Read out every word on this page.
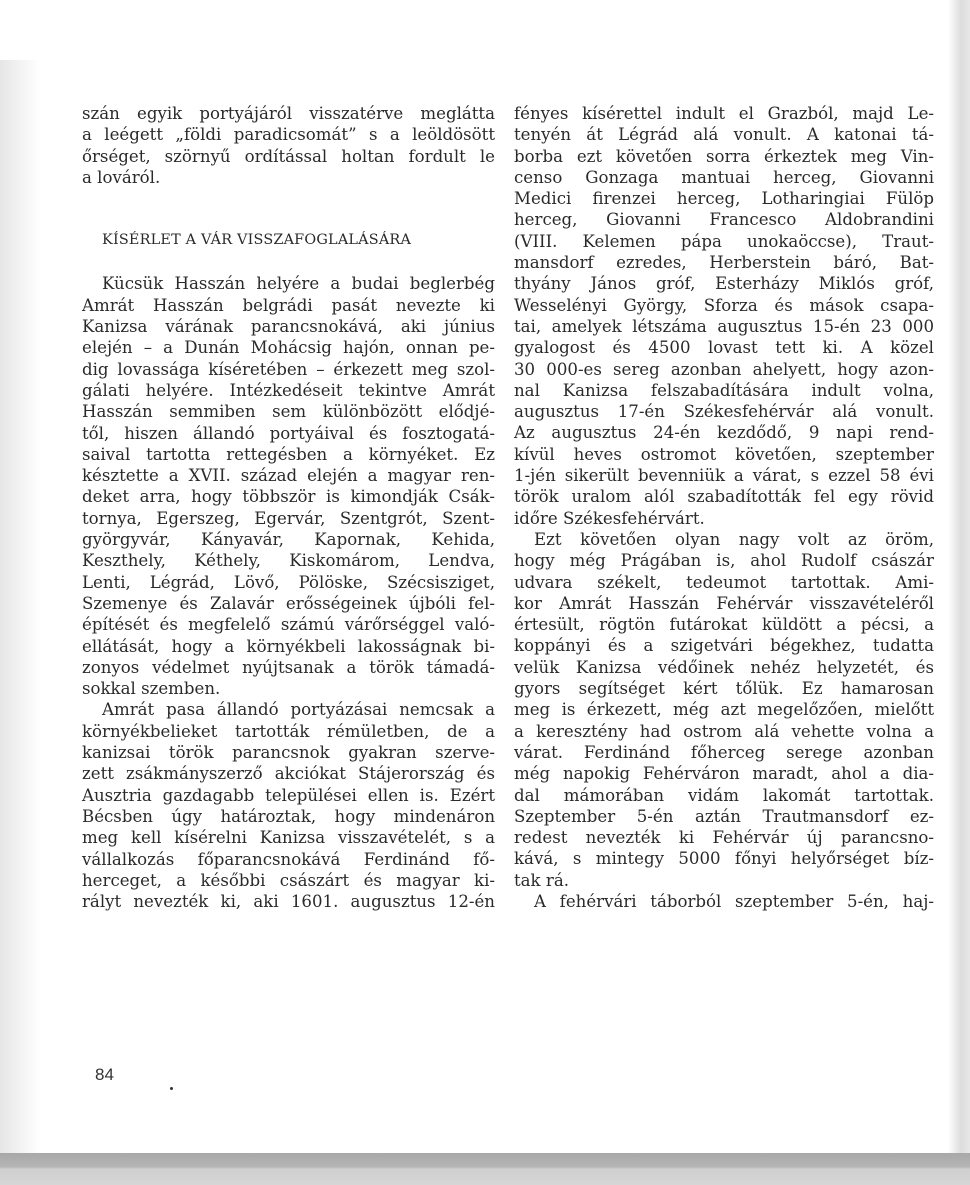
szán egyik portyájáról visszatérve meglátta
a leégett „földi paradicsomát” s a leöldösött
őrséget, szörnyű ordítással holtan fordult le
a lováról.
KÍSÉRLET A VÁR VISSZAFOGLALÁSÁRA
Kücsük Hasszán helyére a budai beglerbég
Amrát Hasszán belgrádi pasát nevezte ki
Kanizsa várának parancsnokává, aki június
elején – a Dunán Mohácsig hajón, onnan pe-
dig lovassága kíséretében – érkezett meg szol-
gálati helyére. Intézkedéseit tekintve Amrát
Hasszán semmiben sem különbözött elődjé-
től, hiszen állandó portyáival és fosztogatá-
saival tartotta rettegésben a környéket. Ez
késztette a XVII. század elején a magyar ren-
deket arra, hogy többször is kimondják Csák-
tornya, Egerszeg, Egervár, Szentgrót, Szent-
györgyvár, Kányavár, Kapornak, Kehida,
Keszthely, Kéthely, Kiskomárom, Lendva,
Lenti, Légrád, Lövő, Pölöske, Szécsisziget,
Szemenye és Zalavár erősségeinek újbóli fel-
építését és megfelelő számú várőrséggel való-
ellátását, hogy a környékbeli lakosságnak bi-
zonyos védelmet nyújtsanak a török támadá-
sokkal szemben.
Amrát pasa állandó portyázásai nemcsak a
környékbelieket tartották rémületben, de a
kanizsai török parancsnok gyakran szerve-
zett zsákmányszerző akciókat Stájerország és
Ausztria gazdagabb települései ellen is. Ezért
Bécsben úgy határoztak, hogy mindenáron
meg kell kísérelni Kanizsa visszavételét, s a
vállalkozás főparancsnokává Ferdinánd fő-
herceget, a későbbi császárt és magyar ki-
rályt nevezték ki, aki 1601. augusztus 12-én
fényes kísérettel indult el Grazból, majd Le-
tenyén át Légrád alá vonult. A katonai tá-
borba ezt követően sorra érkeztek meg Vin-
censo Gonzaga mantuai herceg, Giovanni
Medici firenzei herceg, Lotharingiai Fülöp
herceg, Giovanni Francesco Aldobrandini
(VIII. Kelemen pápa unokaöccse), Traut-
mansdorf ezredes, Herberstein báró, Bat-
thyány János gróf, Esterházy Miklós gróf,
Wesselényi György, Sforza és mások csapa-
tai, amelyek létszáma augusztus 15-én 23 000
gyalogost és 4500 lovast tett ki. A közel
30 000-es sereg azonban ahelyett, hogy azon-
nal Kanizsa felszabadítására indult volna,
augusztus 17-én Székesfehérvár alá vonult.
Az augusztus 24-én kezdődő, 9 napi rend-
kívül heves ostromot követően, szeptember
1-jén sikerült bevenniük a várat, s ezzel 58 évi
török uralom alól szabadították fel egy rövid
időre Székesfehérvárt.
Ezt követően olyan nagy volt az öröm,
hogy még Prágában is, ahol Rudolf császár
udvara székelt, tedeumot tartottak. Ami-
kor Amrát Hasszán Fehérvár visszavételéről
értesült, rögtön futárokat küldött a pécsi, a
koppányi és a szigetvári bégekhez, tudatta
velük Kanizsa védőinek nehéz helyzetét, és
gyors segítséget kért tőlük. Ez hamarosan
meg is érkezett, még azt megelőzően, mielőtt
a keresztény had ostrom alá vehette volna a
várat. Ferdinánd főherceg serege azonban
még napokig Fehérváron maradt, ahol a dia-
dal mámorában vidám lakomát tartottak.
Szeptember 5-én aztán Trautmansdorf ez-
redest nevezték ki Fehérvár új parancsno-
kává, s mintegy 5000 főnyi helyőrséget bíz-
tak rá.
A fehérvári táborból szeptember 5-én, haj-
84
